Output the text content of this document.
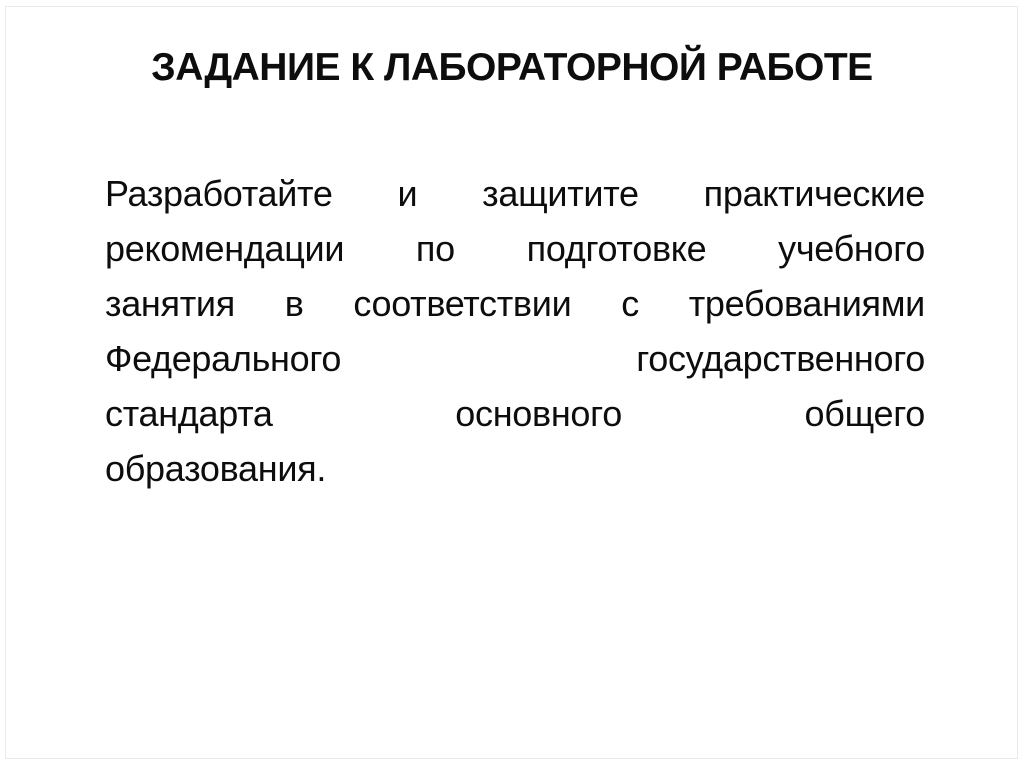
ЗАДАНИЕ К ЛАБОРАТОРНОЙ РАБОТЕ
Разработайте и защитите практические
рекомендации по подготовке учебного
занятия в соответствии с требованиями
Федерального государственного
стандарта основного общего
образования.
